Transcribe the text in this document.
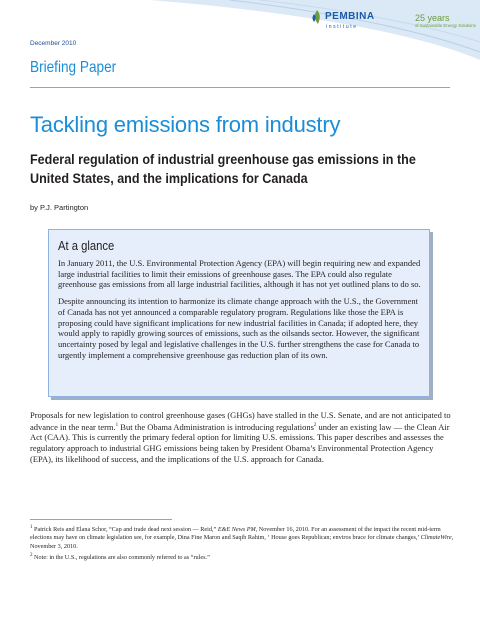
PEMBINA
institute
25 years
of Sustainable Energy Solutions
December 2010
Briefing Paper
Tackling emissions from industry
Federal regulation of industrial greenhouse gas emissions in the United States, and the implications for Canada
by P.J. Partington
At a glance

In January 2011, the U.S. Environmental Protection Agency (EPA) will begin requiring new and expanded large industrial facilities to limit their emissions of greenhouse gases. The EPA could also regulate greenhouse gas emissions from all large industrial facilities, although it has not yet outlined plans to do so.

Despite announcing its intention to harmonize its climate change approach with the U.S., the Government of Canada has not yet announced a comparable regulatory program. Regulations like those the EPA is proposing could have significant implications for new industrial facilities in Canada; if adopted here, they would apply to rapidly growing sources of emissions, such as the oilsands sector. However, the significant uncertainty posed by legal and legislative challenges in the U.S. further strengthens the case for Canada to urgently implement a comprehensive greenhouse gas reduction plan of its own.

Proposals for new legislation to control greenhouse gases (GHGs) have stalled in the U.S. Senate, and are not anticipated to advance in the near term.$^1$ But the Obama Administration is introducing regulations$^2$ under an existing law — the Clean Air Act (CAA). This is currently the primary federal option for limiting U.S. emissions. This paper describes and assesses the regulatory approach to industrial GHG emissions being taken by President Obama’s Environmental Protection Agency (EPA), its likelihood of success, and the implications of the U.S. approach for Canada.

$^1$ Patrick Reis and Elana Schor, “Cap and trade dead next session — Reid,” E&E News PM, November 16, 2010. For an assessment of the impact the recent mid-term elections may have on climate legislation see, for example, Dina Fine Maron and Saqib Rahim, ‘ House goes Republican; enviros brace for climate changes,’ ClimateWire, November 3, 2010.

$^2$ Note: in the U.S., regulations are also commonly referred to as “rules.”
